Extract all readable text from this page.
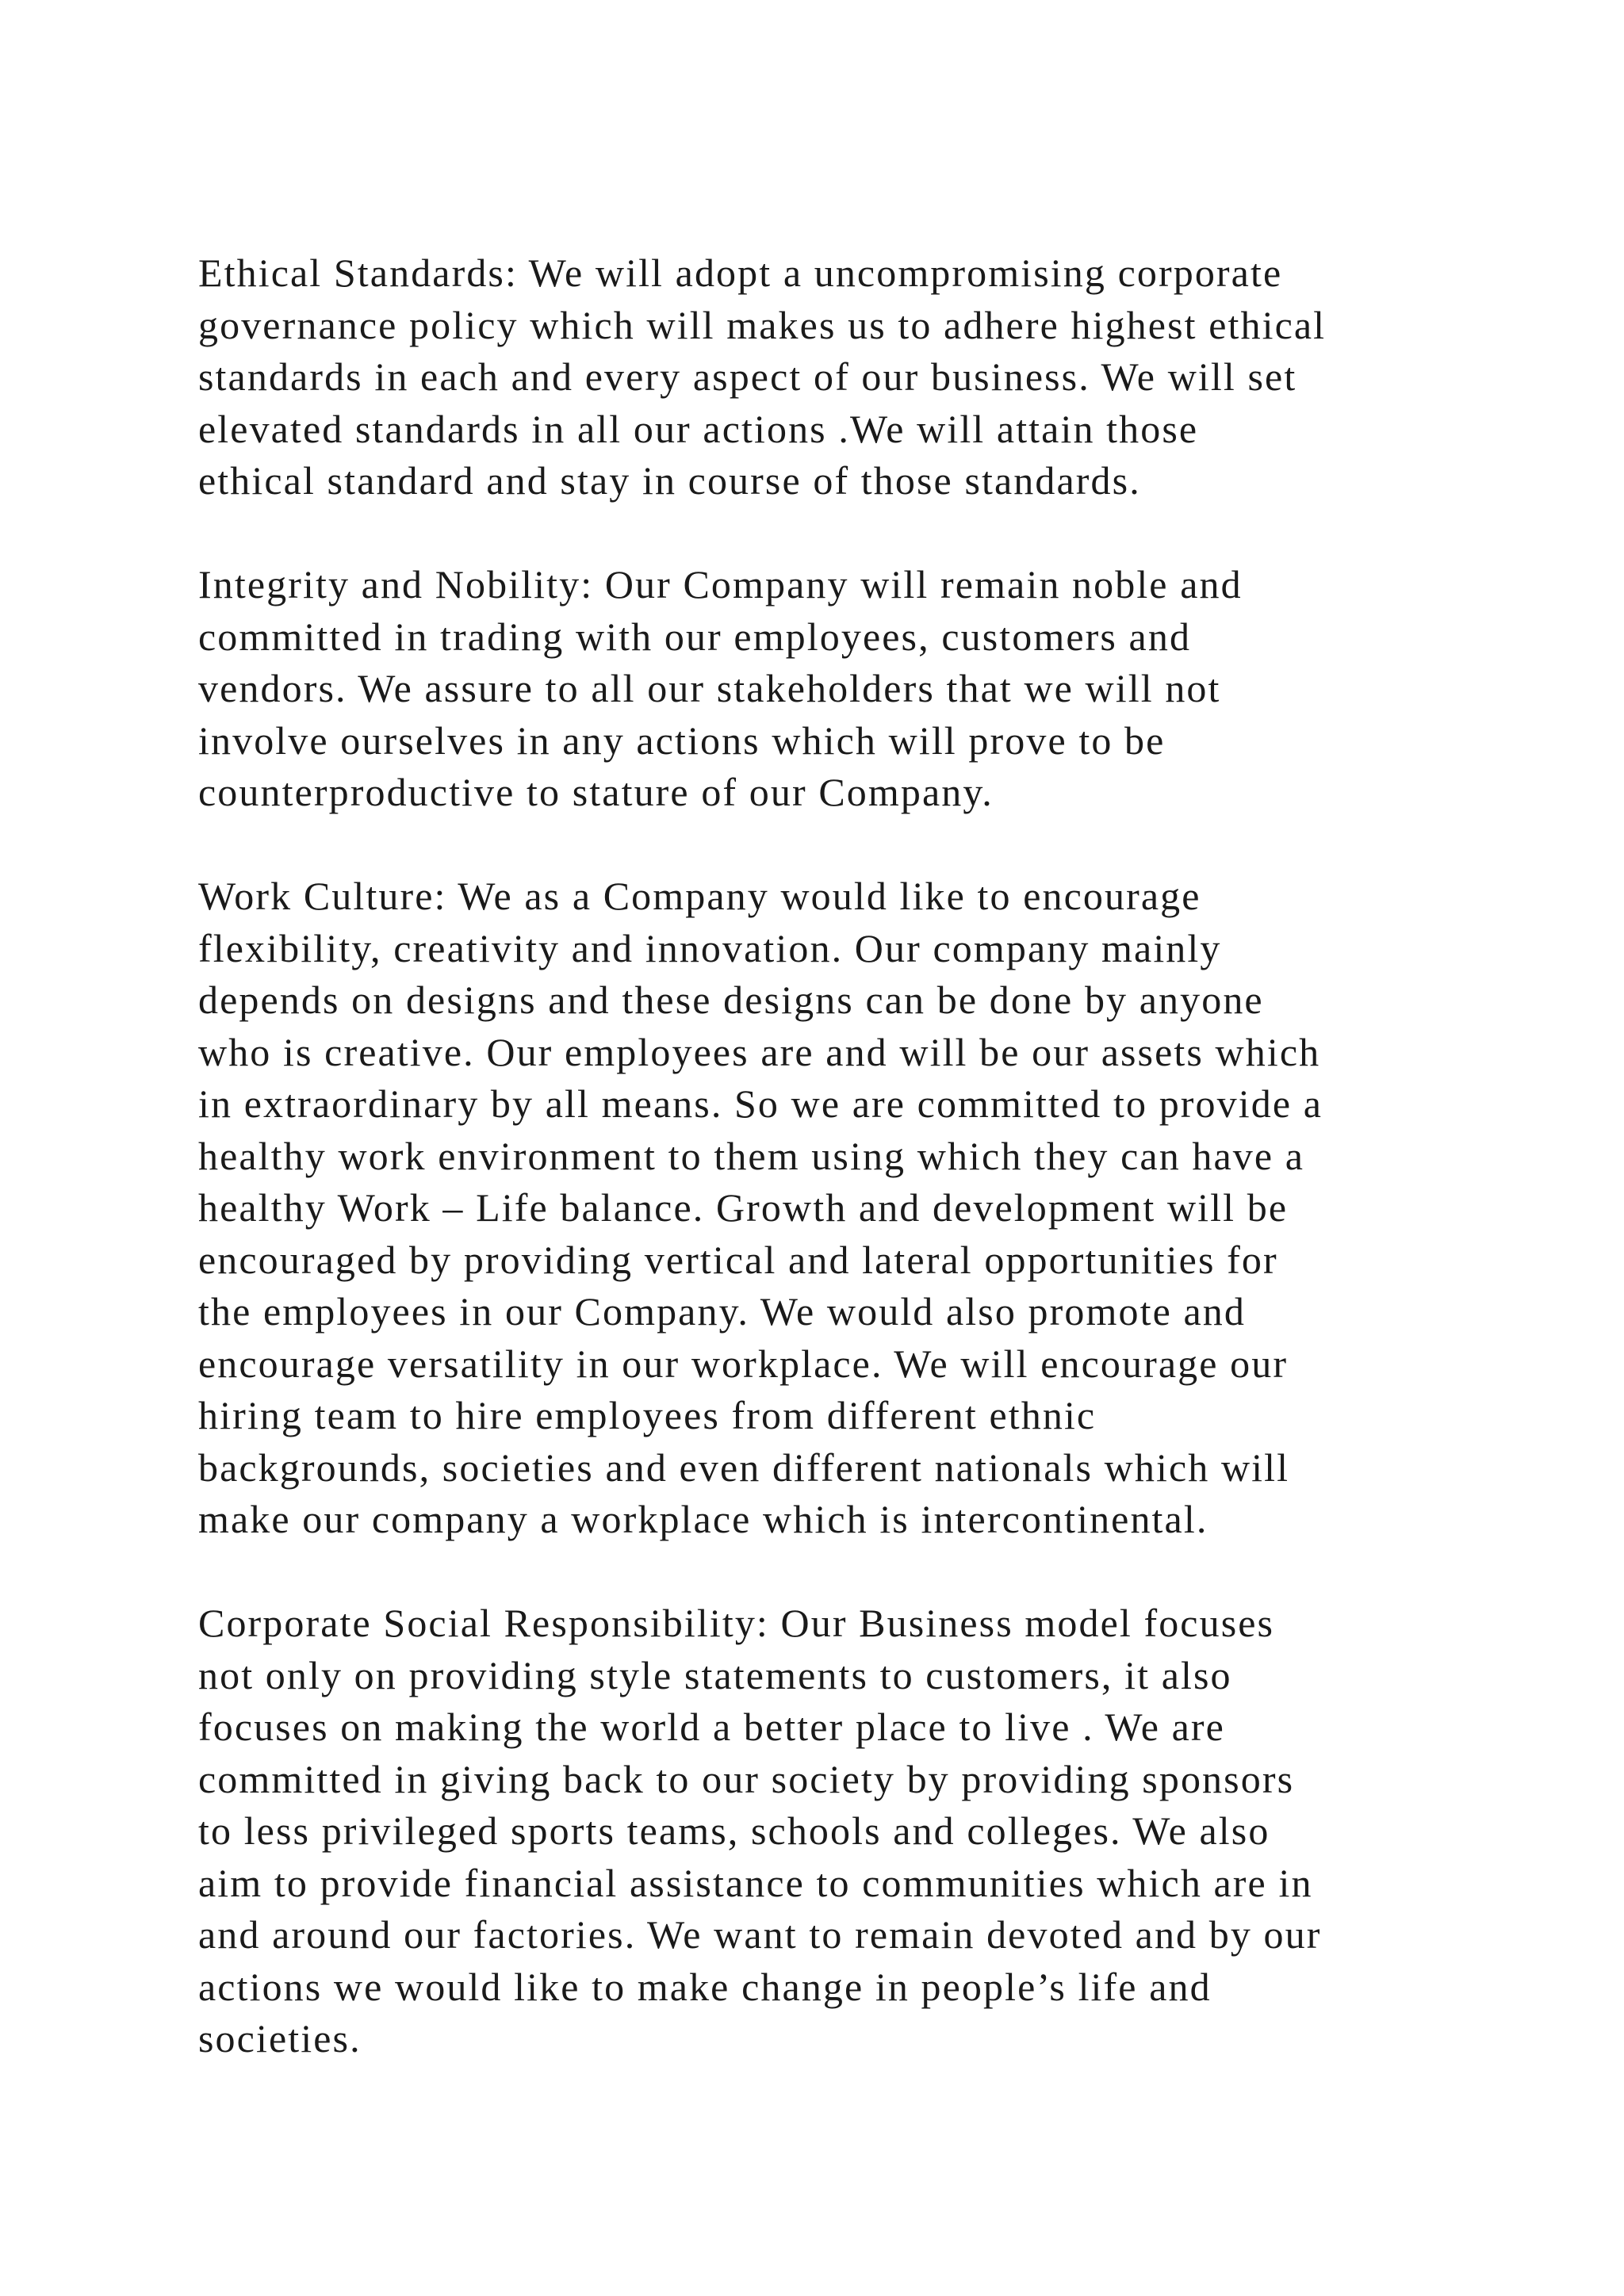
Ethical Standards: We will adopt a uncompromising corporate
governance policy which will makes us to adhere highest ethical
standards in each and every aspect of our business. We will set
elevated standards in all our actions .We will attain those
ethical standard and stay in course of those standards.

Integrity and Nobility: Our Company will remain noble and
committed in trading with our employees, customers and
vendors. We assure to all our stakeholders that we will not
involve ourselves in any actions which will prove to be
counterproductive to stature of our Company.

Work Culture: We as a Company would like to encourage
flexibility, creativity and innovation. Our company mainly
depends on designs and these designs can be done by anyone
who is creative. Our employees are and will be our assets which
in extraordinary by all means. So we are committed to provide a
healthy work environment to them using which they can have a
healthy Work – Life balance. Growth and development will be
encouraged by providing vertical and lateral opportunities for
the employees in our Company. We would also promote and
encourage versatility in our workplace. We will encourage our
hiring team to hire employees from different ethnic
backgrounds, societies and even different nationals which will
make our company a workplace which is intercontinental.

Corporate Social Responsibility: Our Business model focuses
not only on providing style statements to customers, it also
focuses on making the world a better place to live . We are
committed in giving back to our society by providing sponsors
to less privileged sports teams, schools and colleges. We also
aim to provide financial assistance to communities which are in
and around our factories. We want to remain devoted and by our
actions we would like to make change in people’s life and
societies.
